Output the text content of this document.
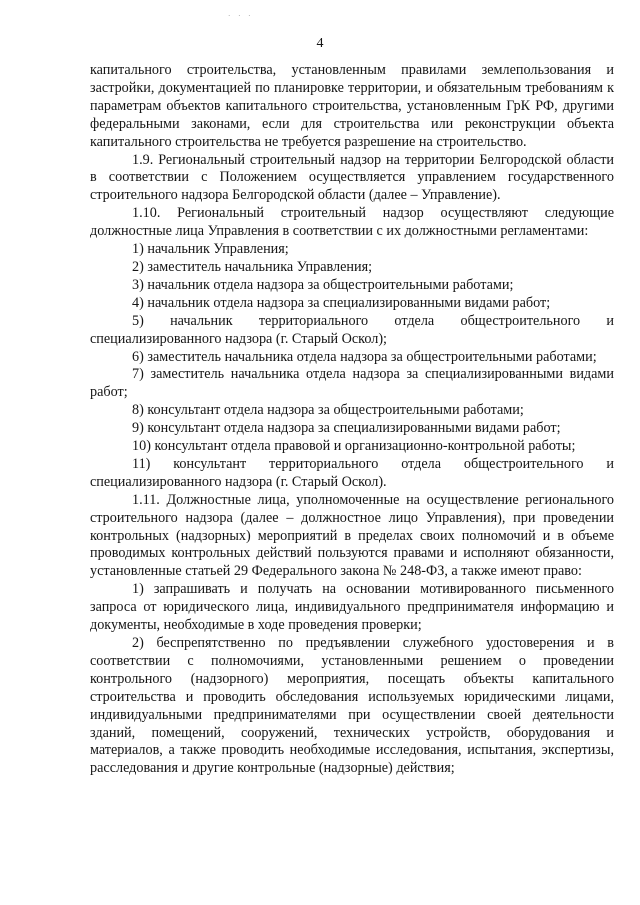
· · ·
4

капитального строительства, установленным правилами землепользования и застройки, документацией по планировке территории, и обязательным требованиям к параметрам объектов капитального строительства, установленным ГрК РФ, другими федеральными законами, если для строительства или реконструкции объекта капитального строительства не требуется разрешение на строительство.

1.9. Региональный строительный надзор на территории Белгородской области в соответствии с Положением осуществляется управлением государственного строительного надзора Белгородской области (далее – Управление).

1.10. Региональный строительный надзор осуществляют следующие должностные лица Управления в соответствии с их должностными регламентами:

1) начальник Управления;

2) заместитель начальника Управления;

3) начальник отдела надзора за общестроительными работами;

4) начальник отдела надзора за специализированными видами работ;

5) начальник территориального отдела общестроительного и специализированного надзора (г. Старый Оскол);

6) заместитель начальника отдела надзора за общестроительными работами;

7) заместитель начальника отдела надзора за специализированными видами работ;

8) консультант отдела надзора за общестроительными работами;

9) консультант отдела надзора за специализированными видами работ;

10) консультант отдела правовой и организационно-контрольной работы;

11) консультант территориального отдела общестроительного и специализированного надзора (г. Старый Оскол).

1.11. Должностные лица, уполномоченные на осуществление регионального строительного надзора (далее – должностное лицо Управления), при проведении контрольных (надзорных) мероприятий в пределах своих полномочий и в объеме проводимых контрольных действий пользуются правами и исполняют обязанности, установленные статьей 29 Федерального закона № 248-ФЗ, а также имеют право:

1) запрашивать и получать на основании мотивированного письменного запроса от юридического лица, индивидуального предпринимателя информацию и документы, необходимые в ходе проведения проверки;

2) беспрепятственно по предъявлении служебного удостоверения и в соответствии с полномочиями, установленными решением о проведении контрольного (надзорного) мероприятия, посещать объекты капитального строительства и проводить обследования используемых юридическими лицами, индивидуальными предпринимателями при осуществлении своей деятельности зданий, помещений, сооружений, технических устройств, оборудования и материалов, а также проводить необходимые исследования, испытания, экспертизы, расследования и другие контрольные (надзорные) действия;
